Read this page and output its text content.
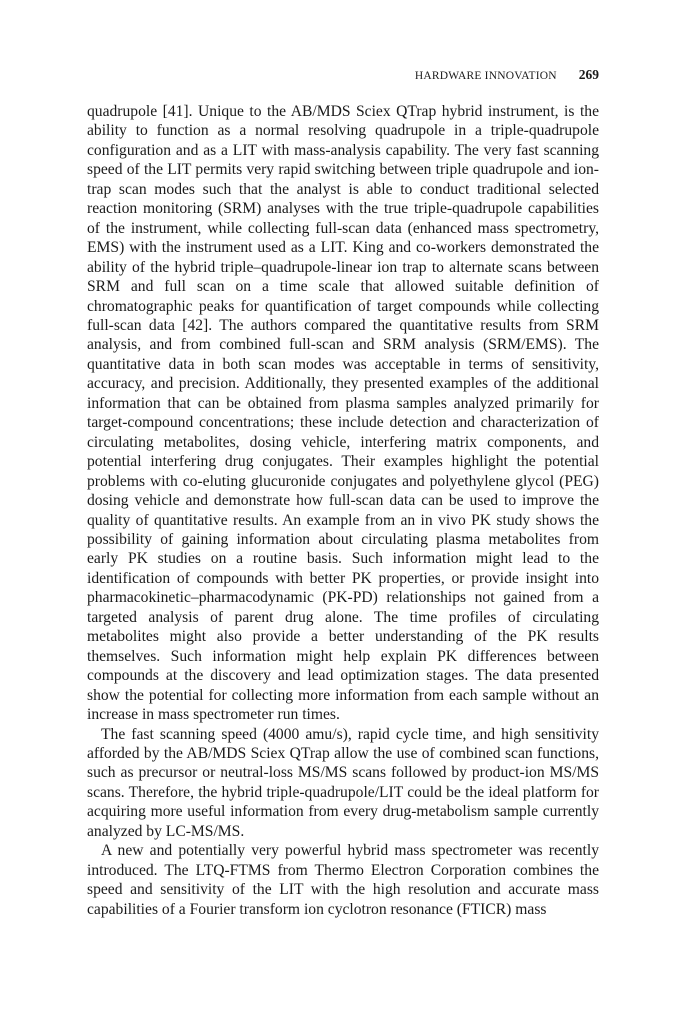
HARDWARE INNOVATION 269

quadrupole [41]. Unique to the AB/MDS Sciex QTrap hybrid instrument, is the ability to function as a normal resolving quadrupole in a triple-quadrupole configuration and as a LIT with mass-analysis capability. The very fast scanning speed of the LIT permits very rapid switching between triple quadrupole and ion-trap scan modes such that the analyst is able to conduct traditional selected reaction monitoring (SRM) analyses with the true triple-quadrupole capabilities of the instrument, while collecting full-scan data (enhanced mass spectrometry, EMS) with the instrument used as a LIT. King and co-workers demonstrated the ability of the hybrid triple–quadrupole-linear ion trap to alternate scans between SRM and full scan on a time scale that allowed suitable definition of chromatographic peaks for quantification of target compounds while collecting full-scan data [42]. The authors compared the quantitative results from SRM analysis, and from combined full-scan and SRM analysis (SRM/EMS). The quantitative data in both scan modes was acceptable in terms of sensitivity, accuracy, and precision. Additionally, they presented examples of the additional information that can be obtained from plasma samples analyzed primarily for target-compound concentrations; these include detection and characterization of circulating metabolites, dosing vehicle, interfering matrix components, and potential interfering drug conjugates. Their examples highlight the potential problems with co-eluting glucuronide conjugates and polyethylene glycol (PEG) dosing vehicle and demonstrate how full-scan data can be used to improve the quality of quantitative results. An example from an in vivo PK study shows the possibility of gaining information about circulating plasma metabolites from early PK studies on a routine basis. Such information might lead to the identification of compounds with better PK properties, or provide insight into pharmacokinetic–pharmacodynamic (PK-PD) relationships not gained from a targeted analysis of parent drug alone. The time profiles of circulating metabolites might also provide a better understanding of the PK results themselves. Such information might help explain PK differences between compounds at the discovery and lead optimization stages. The data presented show the potential for collecting more information from each sample without an increase in mass spectrometer run times.

The fast scanning speed (4000 amu/s), rapid cycle time, and high sensitivity afforded by the AB/MDS Sciex QTrap allow the use of combined scan functions, such as precursor or neutral-loss MS/MS scans followed by product-ion MS/MS scans. Therefore, the hybrid triple-quadrupole/LIT could be the ideal platform for acquiring more useful information from every drug-metabolism sample currently analyzed by LC-MS/MS.

A new and potentially very powerful hybrid mass spectrometer was recently introduced. The LTQ-FTMS from Thermo Electron Corporation combines the speed and sensitivity of the LIT with the high resolution and accurate mass capabilities of a Fourier transform ion cyclotron resonance (FTICR) mass
